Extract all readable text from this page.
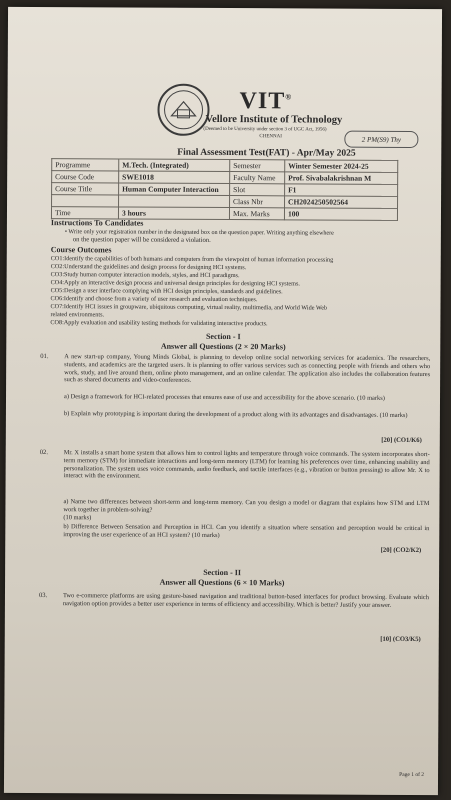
VIT®
Vellore Institute of Technology
(Deemed to be University under section 3 of UGC Act, 1956)
CHENNAI	2 PM(S9) Thy
Final Assessment Test(FAT) - Apr/May 2025
Programme	M.Tech. (Integrated)	Semester	Winter Semester 2024-25
Course Code	SWE1018	Faculty Name	Prof. Sivabalakrishnan M
Course Title	Human Computer Interaction	Slot	F1
		Class Nbr	CH2024250502564
Time	3 hours	Max. Marks	100
Instructions To Candidates
• Write only your registration number in the designated box on the question paper. Writing anything elsewhere
on the question paper will be considered a violation.
Course Outcomes
CO1:Identify the capabilities of both humans and computers from the viewpoint of human information processing
CO2:Understand the guidelines and design process for designing HCI systems.
CO3:Study human computer interaction models, styles, and HCI paradigms.
CO4:Apply an interactive design process and universal design principles for designing HCI systems.
CO5:Design a user interface complying with HCI design principles, standards and guidelines.
CO6:Identify and choose from a variety of user research and evaluation techniques.
CO7:Identify HCI issues in groupware, ubiquitous computing, virtual reality, multimedia, and World Wide Web
related environments.
CO8:Apply evaluation and usability testing methods for validating interactive products.
Section - I
Answer all Questions (2 × 20 Marks)
01. A new start-up company, Young Minds Global, is planning to develop online social networking services for academics. The researchers, students, and academics are the targeted users. It is planning to offer various services such as connecting people with friends and others who work, study, and live around them, online photo management, and an online calendar. The application also includes the collaboration features such as shared documents and video-conferences.
a) Design a framework for HCI-related processes that ensures ease of use and accessibility for the above scenario. (10 marks)
b) Explain why prototyping is important during the development of a product along with its advantages and disadvantages. (10 marks)
[20] (CO1/K6)
02. Mr. X installs a smart home system that allows him to control lights and temperature through voice commands. The system incorporates short-term memory (STM) for immediate interactions and long-term memory (LTM) for learning his preferences over time, enhancing usability and personalization. The system uses voice commands, audio feedback, and tactile interfaces (e.g., vibration or button pressing) to allow Mr. X to interact with the environment.
a) Name two differences between short-term and long-term memory. Can you design a model or diagram that explains how STM and LTM work together in problem-solving?
(10 marks)
b) Difference Between Sensation and Perception in HCI. Can you identify a situation where sensation and perception would be critical in improving the user experience of an HCI system? (10 marks)
[20] (CO2/K2)
Section - II
Answer all Questions (6 × 10 Marks)
03. Two e-commerce platforms are using gesture-based navigation and traditional button-based interfaces for product browsing. Evaluate which navigation option provides a better user experience in terms of efficiency and accessibility. Which is better? Justify your answer.
[10] (CO3/K5)
Page 1 of 2
